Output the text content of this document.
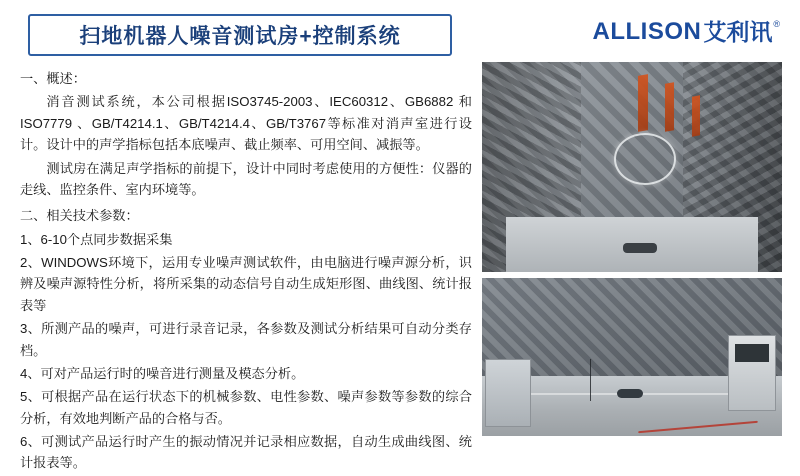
扫地机器人噪音测试房+控制系统	ALLISON 艾利讯 ®

一、概述：

消音测试系统，本公司根据ISO3745-2003、IEC60312、GB6882 和ISO7779 、GB/T4214.1、GB/T4214.4、GB/T3767等标准对消声室进行设计。设计中的声学指标包括本底噪声、截止频率、可用空间、减振等。

测试房在满足声学指标的前提下，设计中同时考虑使用的方便性：仪器的走线、监控条件、室内环境等。

二、相关技术参数：

1、6-10个点同步数据采集

2、WINDOWS环境下，运用专业噪声测试软件，由电脑进行噪声源分析，识辨及噪声源特性分析，将所采集的动态信号自动生成矩形图、曲线图、统计报表等

3、所测产品的噪声，可进行录音记录，各参数及测试分析结果可自动分类存档。

4、可对产品运行时的噪音进行测量及模态分析。

5、可根据产品在运行状态下的机械参数、电性参数、噪声参数等参数的综合分析，有效地判断产品的合格与否。

6、可测试产品运行时产生的振动情况并记录相应数据，自动生成曲线图、统计报表等。
